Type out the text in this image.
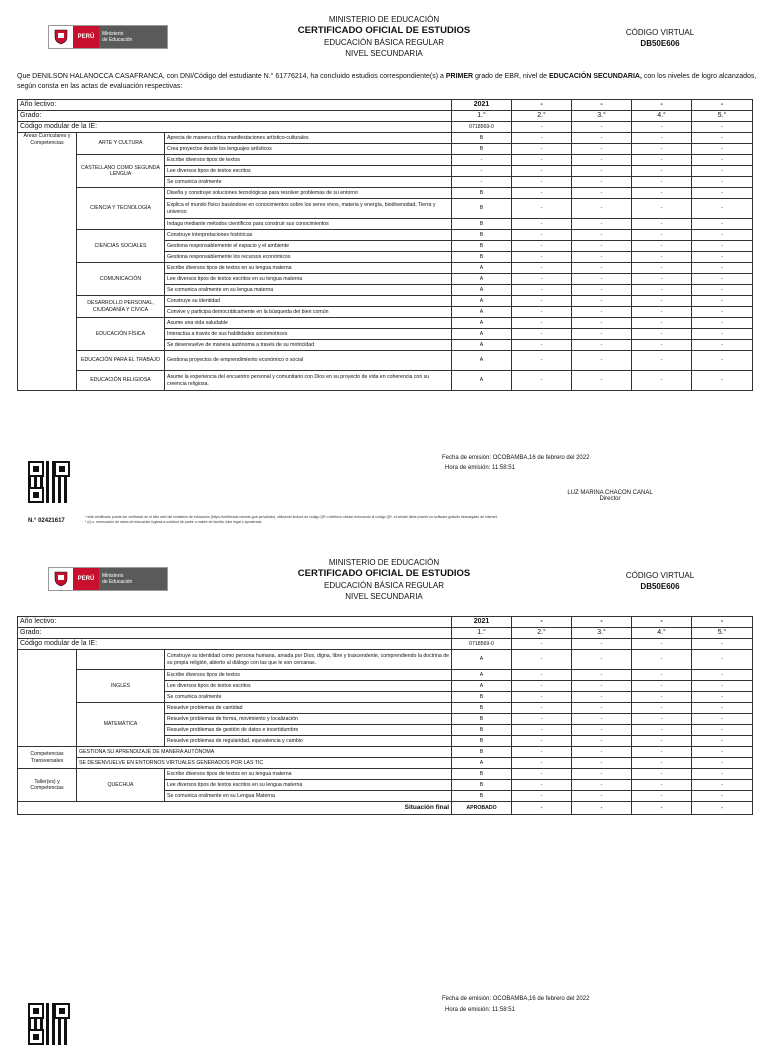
PERÚ	Ministerio
de Educación
MINISTERIO DE EDUCACIÓN
CERTIFICADO OFICIAL DE ESTUDIOS
EDUCACIÓN BÁSICA REGULAR
NIVEL SECUNDARIA
CÓDIGO VIRTUAL
DB50E606
Que DENILSON HALANOCCA CASAFRANCA, con DNI/Código del estudiante N.° 61776214, ha concluido estudios correspondiente(s) a PRIMER grado de EBR, nivel de EDUCACIÓN SECUNDARIA, con los niveles de logro alcanzados, según consta en las actas de evaluación respectivas:
Año lectivo:			2021	-	-	-	-
Grado:			1.°	2.°	3.°	4.°	5.°
Código modular de la IE:			0718569-0	-	-	-	-
Áreas Curriculares y Competencias	ARTE Y CULTURA	Aprecia de manera crítica manifestaciones artístico-culturales	B	-	-	-	-
		Crea proyectos desde los lenguajes artísticos	B	-	-	-	-
	CASTELLANO COMO SEGUNDA LENGUA	Escribe diversos tipos de textos	-	-	-	-	-
		Lee diversos tipos de textos escritos	-	-	-	-	-
		Se comunica oralmente	-	-	-	-	-
	CIENCIA Y TECNOLOGÍA	Diseña y construye soluciones tecnológicas para resolver problemas de su entorno	B	-	-	-	-
		Explica el mundo físico basándose en conocimientos sobre los seres vivos, materia y energía, biodiversidad, Tierra y universo	B	-	-	-	-
		Indaga mediante métodos científicos para construir sus conocimientos	B	-	-	-	-
	CIENCIAS SOCIALES	Construye interpretaciones históricas	B	-	-	-	-
		Gestiona responsablemente el espacio y el ambiente	B	-	-	-	-
		Gestiona responsablemente los recursos económicos	B	-	-	-	-
	COMUNICACIÓN	Escribe diversos tipos de textos en su lengua materna	A	-	-	-	-
		Lee diversos tipos de textos escritos en su lengua materna	A	-	-	-	-
		Se comunica oralmente en su lengua materna	A	-	-	-	-
	DESARROLLO PERSONAL, CIUDADANÍA Y CÍVICA	Construye su identidad	A	-	-	-	-
		Convive y participa democráticamente en la búsqueda del bien común	A	-	-	-	-
	EDUCACIÓN FÍSICA	Asume una vida saludable	A	-	-	-	-
		Interactúa a través de sus habilidades sociomotrices	A	-	-	-	-
		Se desenvuelve de manera autónoma a través de su motricidad	A	-	-	-	-
	EDUCACIÓN PARA EL TRABAJO	Gestiona proyectos de emprendimiento económico o social	A	-	-	-	-
	EDUCACIÓN RELIGIOSA	Asume la experiencia del encuentro personal y comunitario con Dios en su proyecto de vida en coherencia con su creencia religiosa.	A	-	-	-	-
N.° 02421617
Fecha de emisión: OCOBAMBA,16 de febrero del 2022
Hora de emisión: 11:58:51
LUZ MARINA CHACON CANAL
Director
* este certificado puede ser verificado en el sitio web del ministerio de educación (https://certificado.minedu.gob.pe/validar), utilizando lectora de código QR o teléfono celular enfocando al código QR. el celular debe poseer un software gratuito descargado de internet.
* (c) c. reservación de datos de educación inglesa a solicitud de padre o madre de familia, tutor legal o apoderado.
PERÚ	Ministerio
de Educación
MINISTERIO DE EDUCACIÓN
CERTIFICADO OFICIAL DE ESTUDIOS
EDUCACIÓN BÁSICA REGULAR
NIVEL SECUNDARIA
CÓDIGO VIRTUAL
DB50E606
Año lectivo:			2021	-	-	-	-
Grado:			1.°	2.°	3.°	4.°	5.°
Código modular de la IE:			0718569-0	-	-	-	-
		Construye su identidad como persona humana, amada por Dios, digna, libre y trascendente, comprendiendo la doctrina de su propia religión, abierto al diálogo con las que le son cercanas.	A	-	-	-	-
	INGLÉS	Escribe diversos tipos de textos	A	-	-	-	-
		Lee diversos tipos de textos escritos	A	-	-	-	-
		Se comunica oralmente	B	-	-	-	-
	MATEMÁTICA	Resuelve problemas de cantidad	B	-	-	-	-
		Resuelve problemas de forma, movimiento y localización	B	-	-	-	-
		Resuelve problemas de gestión de datos e incertidumbre	B	-	-	-	-
		Resuelve problemas de regularidad, equivalencia y cambio	B	-	-	-	-
Competencias Transversales	GESTIONA SU APRENDIZAJE DE MANERA AUTÓNOMA		B	-	-	-	-
	SE DESENVUELVE EN ENTORNOS VIRTUALES GENERADOS POR LAS TIC		A	-	-	-	-
Taller(es) y Competencias	QUECHUA	Escribe diversos tipos de textos en su lengua materna	B	-	-	-	-
		Lee diversos tipos de textos escritos en su lengua materna	B	-	-	-	-
		Se comunica oralmente en su Lengua Materna	B	-	-	-	-
Situación final			APROBADO	-	-	-	-
Fecha de emisión: OCOBAMBA,16 de febrero del 2022
Hora de emisión: 11:58:51
